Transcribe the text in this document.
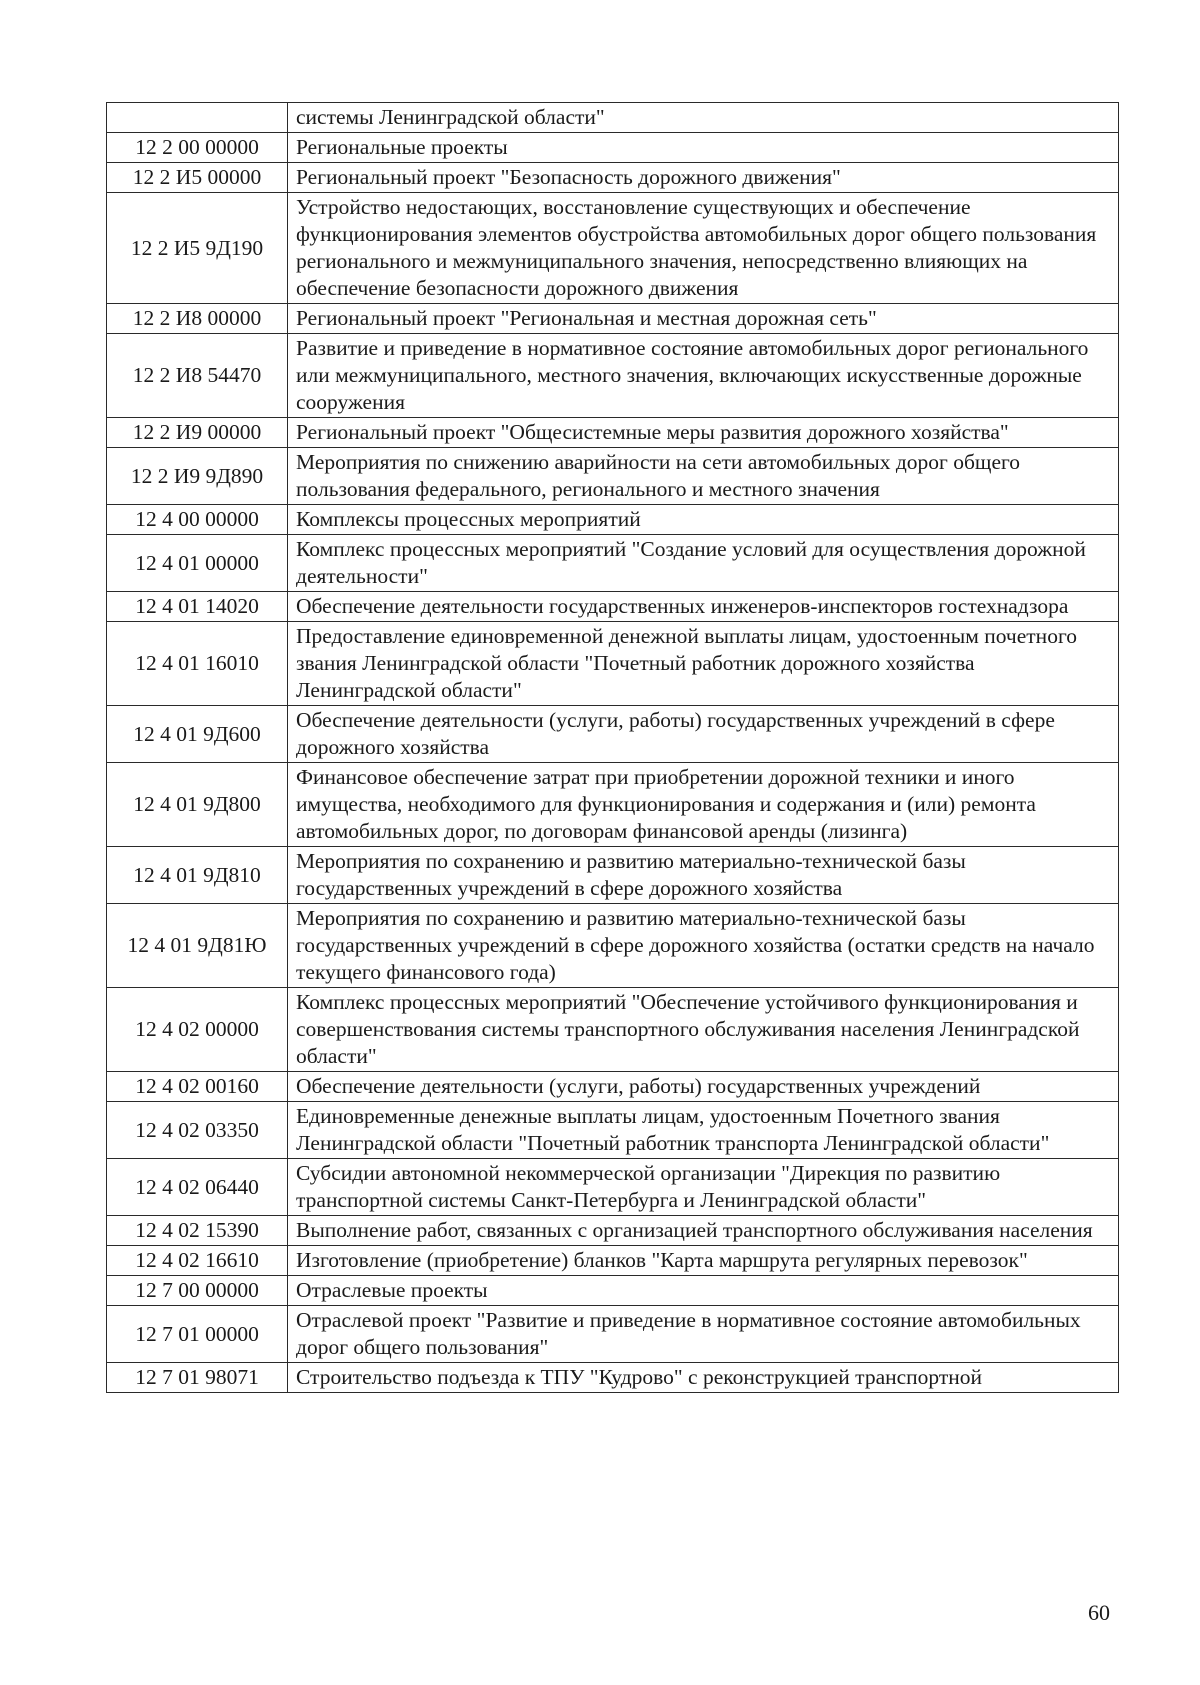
	системы Ленинградской области"
12 2 00 00000	Региональные проекты
12 2 И5 00000	Региональный проект "Безопасность дорожного движения"
12 2 И5 9Д190	Устройство недостающих, восстановление существующих и обеспечение функционирования элементов обустройства автомобильных дорог общего пользования регионального и межмуниципального значения, непосредственно влияющих на обеспечение безопасности дорожного движения
12 2 И8 00000	Региональный проект "Региональная и местная дорожная сеть"
12 2 И8 54470	Развитие и приведение в нормативное состояние автомобильных дорог регионального или межмуниципального, местного значения, включающих искусственные дорожные сооружения
12 2 И9 00000	Региональный проект "Общесистемные меры развития дорожного хозяйства"
12 2 И9 9Д890	Мероприятия по снижению аварийности на сети автомобильных дорог общего пользования федерального, регионального и местного значения
12 4 00 00000	Комплексы процессных мероприятий
12 4 01 00000	Комплекс процессных мероприятий "Создание условий для осуществления дорожной деятельности"
12 4 01 14020	Обеспечение деятельности государственных инженеров-инспекторов гостехнадзора
12 4 01 16010	Предоставление единовременной денежной выплаты лицам, удостоенным почетного звания Ленинградской области "Почетный работник дорожного хозяйства Ленинградской области"
12 4 01 9Д600	Обеспечение деятельности (услуги, работы) государственных учреждений в сфере дорожного хозяйства
12 4 01 9Д800	Финансовое обеспечение затрат при приобретении дорожной техники и иного имущества, необходимого для функционирования и содержания и (или) ремонта автомобильных дорог, по договорам финансовой аренды (лизинга)
12 4 01 9Д810	Мероприятия по сохранению и развитию материально-технической базы государственных учреждений в сфере дорожного хозяйства
12 4 01 9Д81Ю	Мероприятия по сохранению и развитию материально-технической базы государственных учреждений в сфере дорожного хозяйства (остатки средств на начало текущего финансового года)
12 4 02 00000	Комплекс процессных мероприятий "Обеспечение устойчивого функционирования и совершенствования системы транспортного обслуживания населения Ленинградской области"
12 4 02 00160	Обеспечение деятельности (услуги, работы) государственных учреждений
12 4 02 03350	Единовременные денежные выплаты лицам, удостоенным Почетного звания Ленинградской области "Почетный работник транспорта Ленинградской области"
12 4 02 06440	Субсидии автономной некоммерческой организации "Дирекция по развитию транспортной системы Санкт-Петербурга и Ленинградской области"
12 4 02 15390	Выполнение работ, связанных с организацией транспортного обслуживания населения
12 4 02 16610	Изготовление (приобретение) бланков "Карта маршрута регулярных перевозок"
12 7 00 00000	Отраслевые проекты
12 7 01 00000	Отраслевой проект "Развитие и приведение в нормативное состояние автомобильных дорог общего пользования"
12 7 01 98071	Строительство подъезда к ТПУ "Кудрово" с реконструкцией транспортной
60
